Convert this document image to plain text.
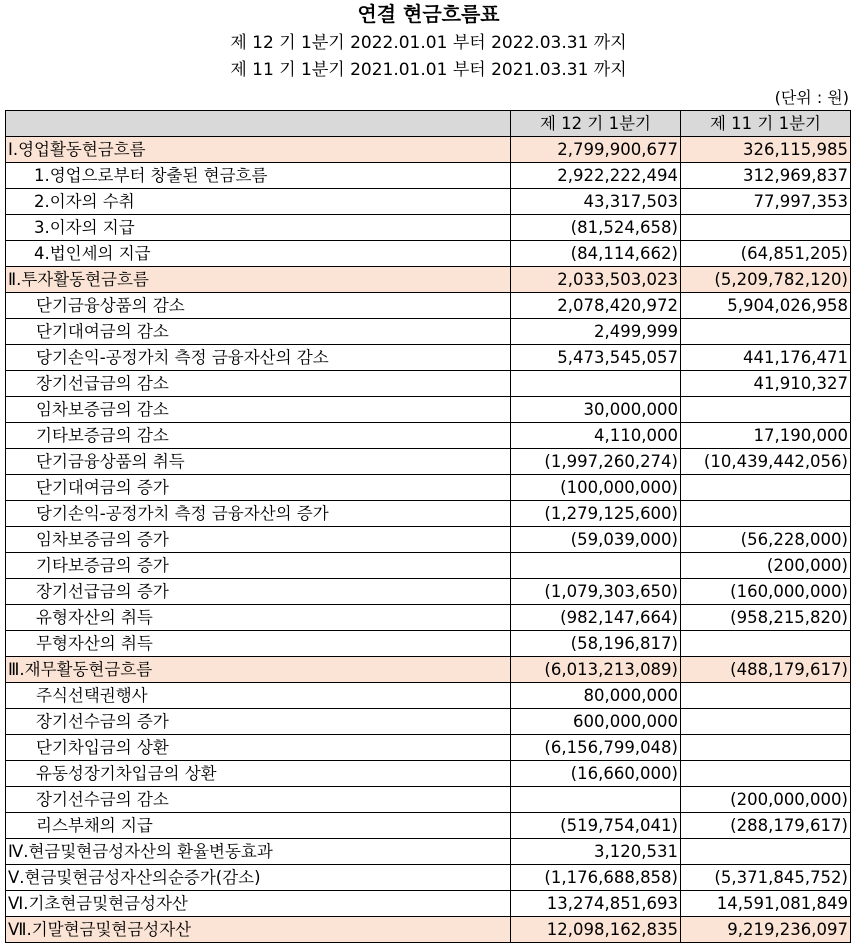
연결 현금흐름표
제 12 기 1분기 2022.01.01 부터 2022.03.31 까지
제 11 기 1분기 2021.01.01 부터 2021.03.31 까지
(단위 : 원)
	제 12 기 1분기	제 11 기 1분기
Ⅰ.영업활동현금흐름	2,799,900,677	326,115,985
1.영업으로부터 창출된 현금흐름	2,922,222,494	312,969,837
2.이자의 수취	43,317,503	77,997,353
3.이자의 지급	(81,524,658)	
4.법인세의 지급	(84,114,662)	(64,851,205)
Ⅱ.투자활동현금흐름	2,033,503,023	(5,209,782,120)
단기금융상품의 감소	2,078,420,972	5,904,026,958
단기대여금의 감소	2,499,999	
당기손익-공정가치 측정 금융자산의 감소	5,473,545,057	441,176,471
장기선급금의 감소		41,910,327
임차보증금의 감소	30,000,000	
기타보증금의 감소	4,110,000	17,190,000
단기금융상품의 취득	(1,997,260,274)	(10,439,442,056)
단기대여금의 증가	(100,000,000)	
당기손익-공정가치 측정 금융자산의 증가	(1,279,125,600)	
임차보증금의 증가	(59,039,000)	(56,228,000)
기타보증금의 증가		(200,000)
장기선급금의 증가	(1,079,303,650)	(160,000,000)
유형자산의 취득	(982,147,664)	(958,215,820)
무형자산의 취득	(58,196,817)	
Ⅲ.재무활동현금흐름	(6,013,213,089)	(488,179,617)
주식선택권행사	80,000,000	
장기선수금의 증가	600,000,000	
단기차입금의 상환	(6,156,799,048)	
유동성장기차입금의 상환	(16,660,000)	
장기선수금의 감소		(200,000,000)
리스부채의 지급	(519,754,041)	(288,179,617)
Ⅳ.현금및현금성자산의 환율변동효과	3,120,531	
Ⅴ.현금및현금성자산의순증가(감소)	(1,176,688,858)	(5,371,845,752)
Ⅵ.기초현금및현금성자산	13,274,851,693	14,591,081,849
Ⅶ.기말현금및현금성자산	12,098,162,835	9,219,236,097
